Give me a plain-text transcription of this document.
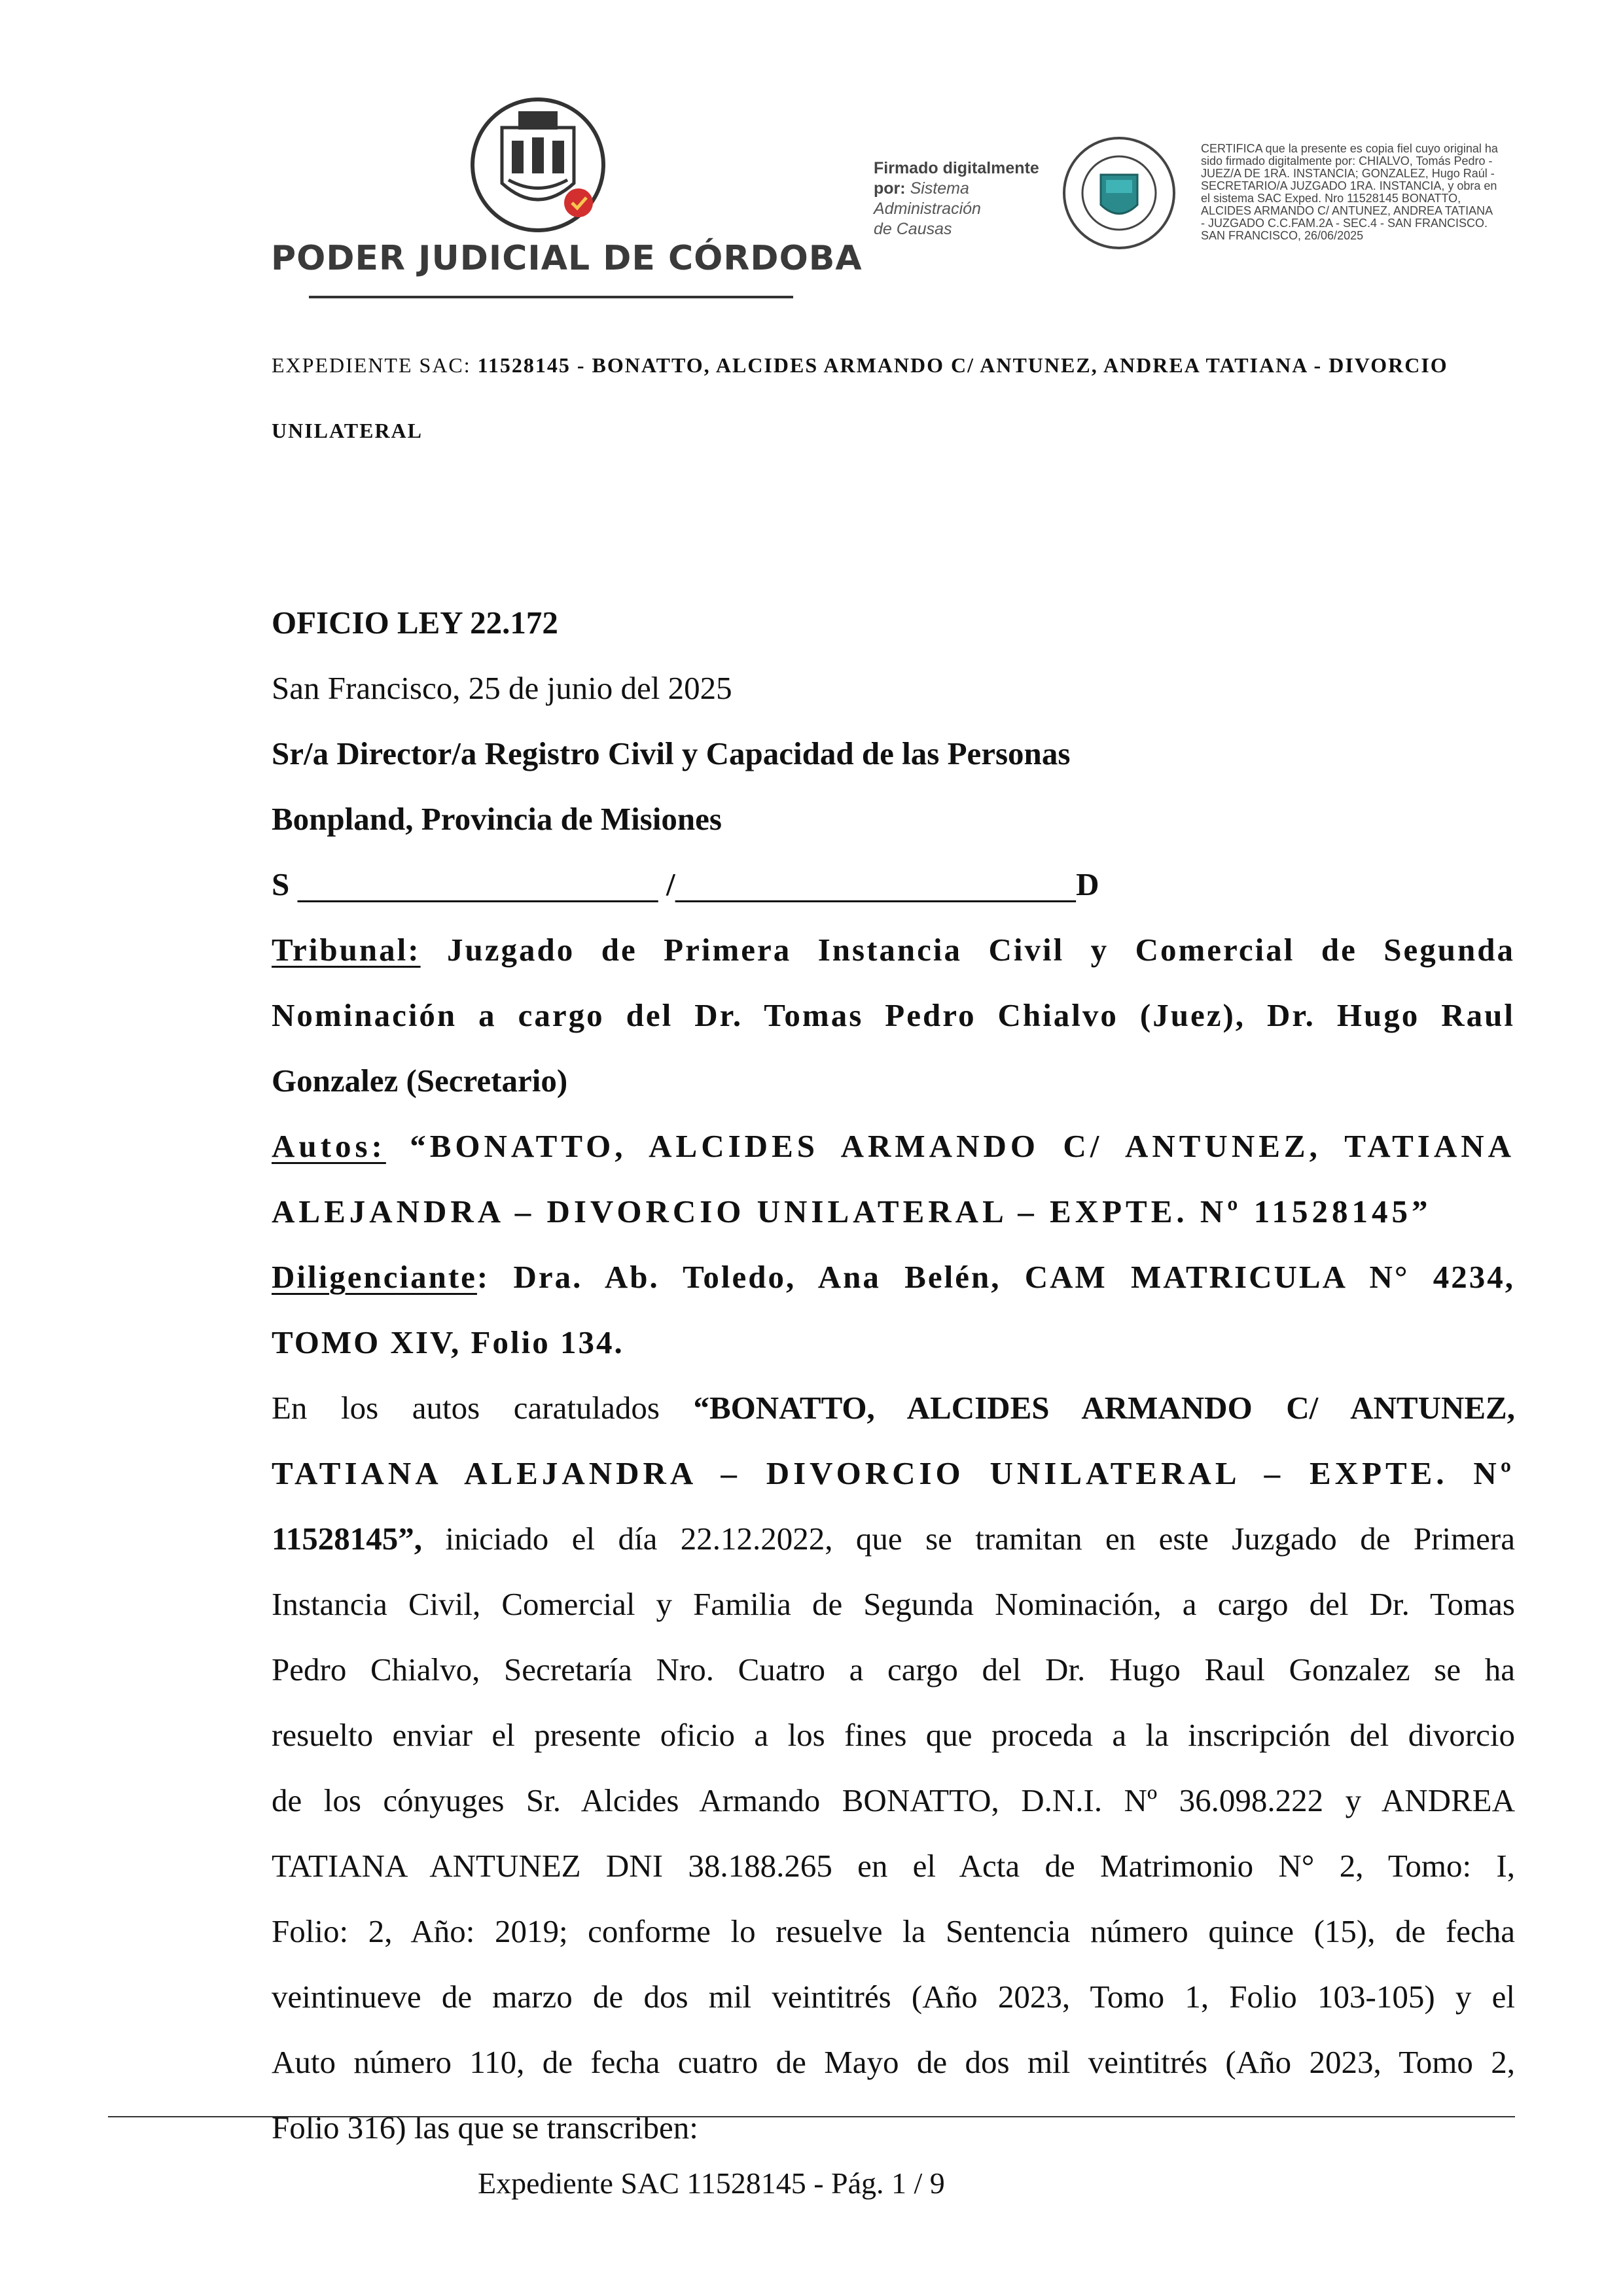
PODER JUDICIAL DE CÓRDOBA
Firmado digitalmente
por: Sistema
Administración
de Causas
CERTIFICA que la presente es copia fiel cuyo original ha
sido firmado digitalmente por: CHIALVO, Tomás Pedro -
JUEZ/A DE 1RA. INSTANCIA; GONZALEZ, Hugo Raúl -
SECRETARIO/A JUZGADO 1RA. INSTANCIA, y obra en
el sistema SAC Exped. Nro 11528145 BONATTO,
ALCIDES ARMANDO C/ ANTUNEZ, ANDREA TATIANA
- JUZGADO C.C.FAM.2A - SEC.4 - SAN FRANCISCO.
SAN FRANCISCO, 26/06/2025
EXPEDIENTE SAC: 11528145 - BONATTO, ALCIDES ARMANDO C/ ANTUNEZ, ANDREA TATIANA - DIVORCIO
UNILATERAL
OFICIO LEY 22.172
San Francisco, 25 de junio del 2025
Sr/a Director/a Registro Civil y Capacidad de las Personas
Bonpland, Provincia de Misiones
S	/	D
Tribunal: Juzgado de Primera Instancia Civil y Comercial de Segunda
Nominación a cargo del Dr. Tomas Pedro Chialvo (Juez), Dr. Hugo Raul
Gonzalez (Secretario)
Autos: “BONATTO, ALCIDES ARMANDO C/ ANTUNEZ, TATIANA
ALEJANDRA – DIVORCIO UNILATERAL – EXPTE. Nº 11528145”
Diligenciante: Dra. Ab. Toledo, Ana Belén, CAM MATRICULA N° 4234,
TOMO XIV, Folio 134.
En los autos caratulados “BONATTO, ALCIDES ARMANDO C/ ANTUNEZ,
TATIANA ALEJANDRA – DIVORCIO UNILATERAL – EXPTE. Nº
11528145”, iniciado el día 22.12.2022, que se tramitan en este Juzgado de Primera
Instancia Civil, Comercial y Familia de Segunda Nominación, a cargo del Dr. Tomas
Pedro Chialvo, Secretaría Nro. Cuatro a cargo del Dr. Hugo Raul Gonzalez se ha
resuelto enviar el presente oficio a los fines que proceda a la inscripción del divorcio
de los cónyuges Sr. Alcides Armando BONATTO, D.N.I. Nº 36.098.222 y ANDREA
TATIANA ANTUNEZ DNI 38.188.265 en el Acta de Matrimonio N° 2, Tomo: I,
Folio: 2, Año: 2019; conforme lo resuelve la Sentencia número quince (15), de fecha
veintinueve de marzo de dos mil veintitrés (Año 2023, Tomo 1, Folio 103-105) y el
Auto número 110, de fecha cuatro de Mayo de dos mil veintitrés (Año 2023, Tomo 2,
Folio 316) las que se transcriben:
Expediente SAC 11528145 - Pág. 1 / 9
